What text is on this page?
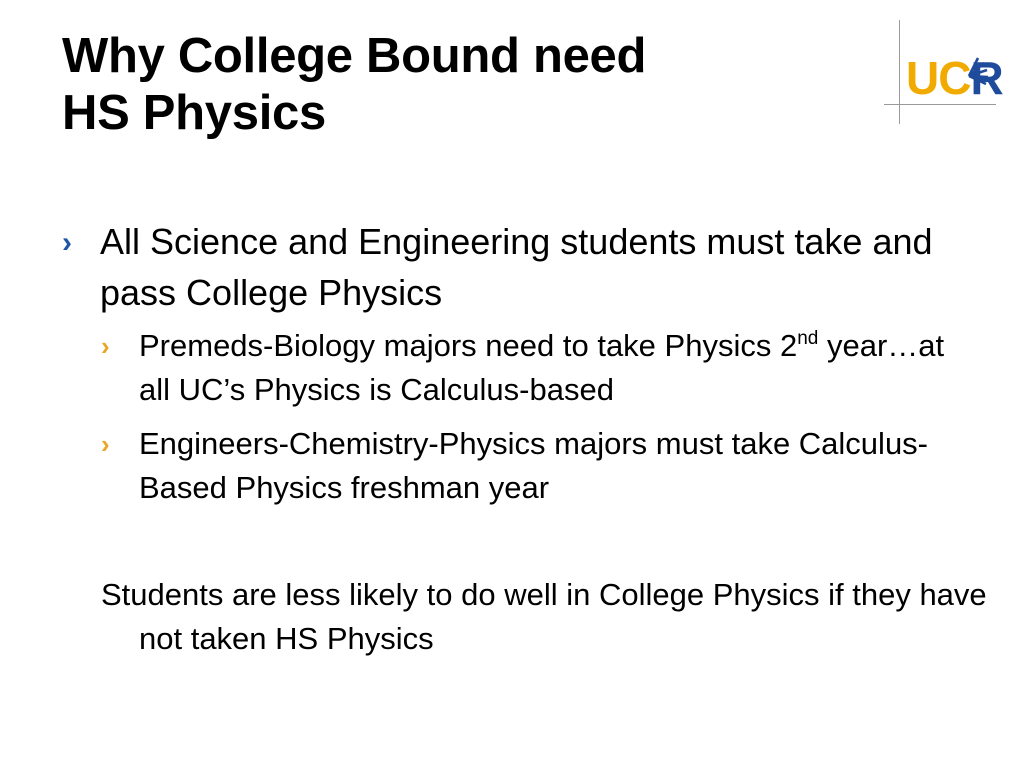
Why College Bound need
HS Physics
UCR
› All Science and Engineering students must take and pass College Physics
› Premeds-Biology majors need to take Physics 2nd year…at all UC’s Physics is Calculus-based
› Engineers-Chemistry-Physics majors must take Calculus-Based Physics freshman year

Students are less likely to do well in College Physics if they have not taken HS Physics
